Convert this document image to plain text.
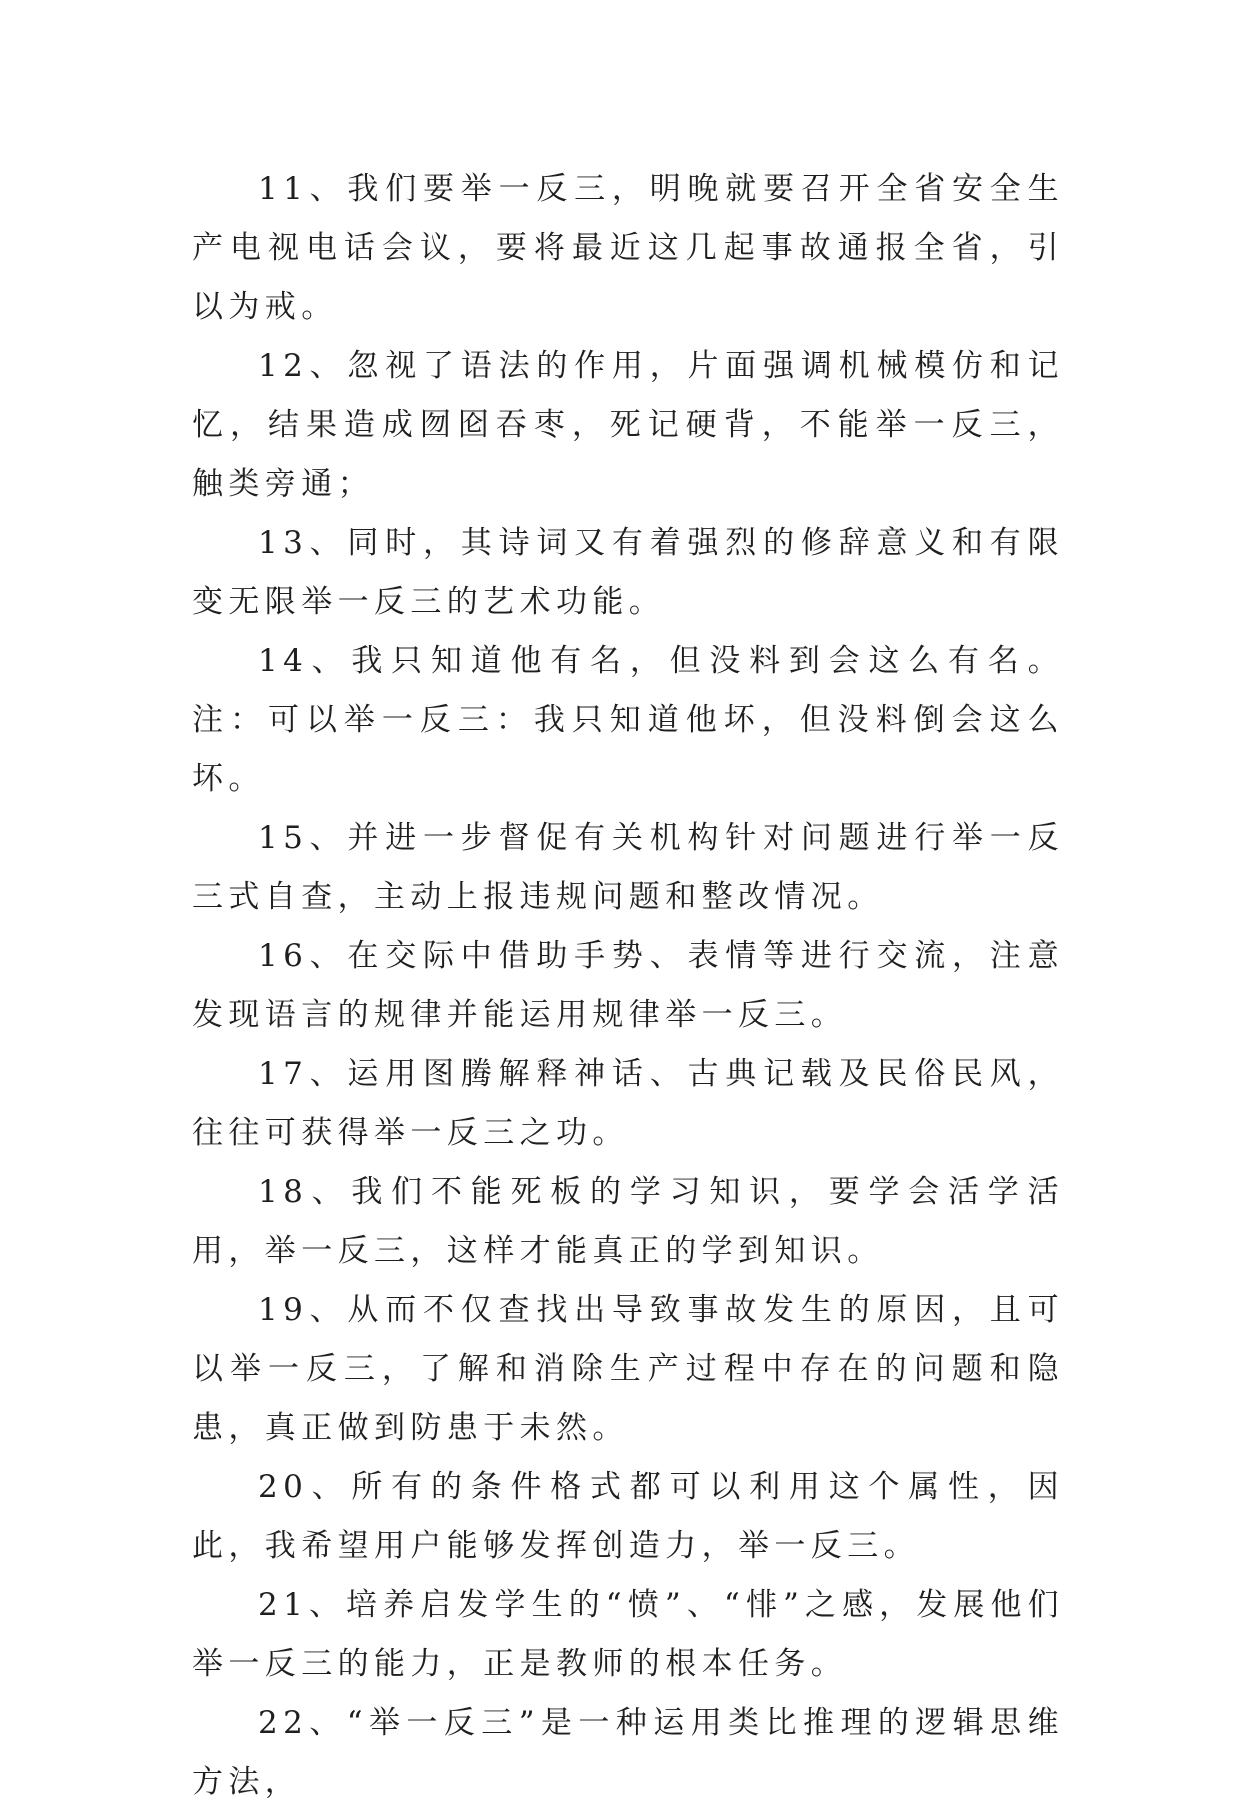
11、我们要举一反三，明晚就要召开全省安全生产电视电话会议，要将最近这几起事故通报全省，引以为戒。

12、忽视了语法的作用，片面强调机械模仿和记忆，结果造成囫囵吞枣，死记硬背，不能举一反三，触类旁通；

13、同时，其诗词又有着强烈的修辞意义和有限变无限举一反三的艺术功能。

14、我只知道他有名，但没料到会这么有名。注：可以举一反三：我只知道他坏，但没料倒会这么坏。

15、并进一步督促有关机构针对问题进行举一反三式自查，主动上报违规问题和整改情况。

16、在交际中借助手势、表情等进行交流，注意发现语言的规律并能运用规律举一反三。

17、运用图腾解释神话、古典记载及民俗民风，往往可获得举一反三之功。

18、我们不能死板的学习知识，要学会活学活用，举一反三，这样才能真正的学到知识。

19、从而不仅查找出导致事故发生的原因，且可以举一反三，了解和消除生产过程中存在的问题和隐患，真正做到防患于未然。

20、所有的条件格式都可以利用这个属性，因此，我希望用户能够发挥创造力，举一反三。

21、培养启发学生的“愤”、“悱”之感，发展他们举一反三的能力，正是教师的根本任务。

22、“举一反三”是一种运用类比推理的逻辑思维方法，
